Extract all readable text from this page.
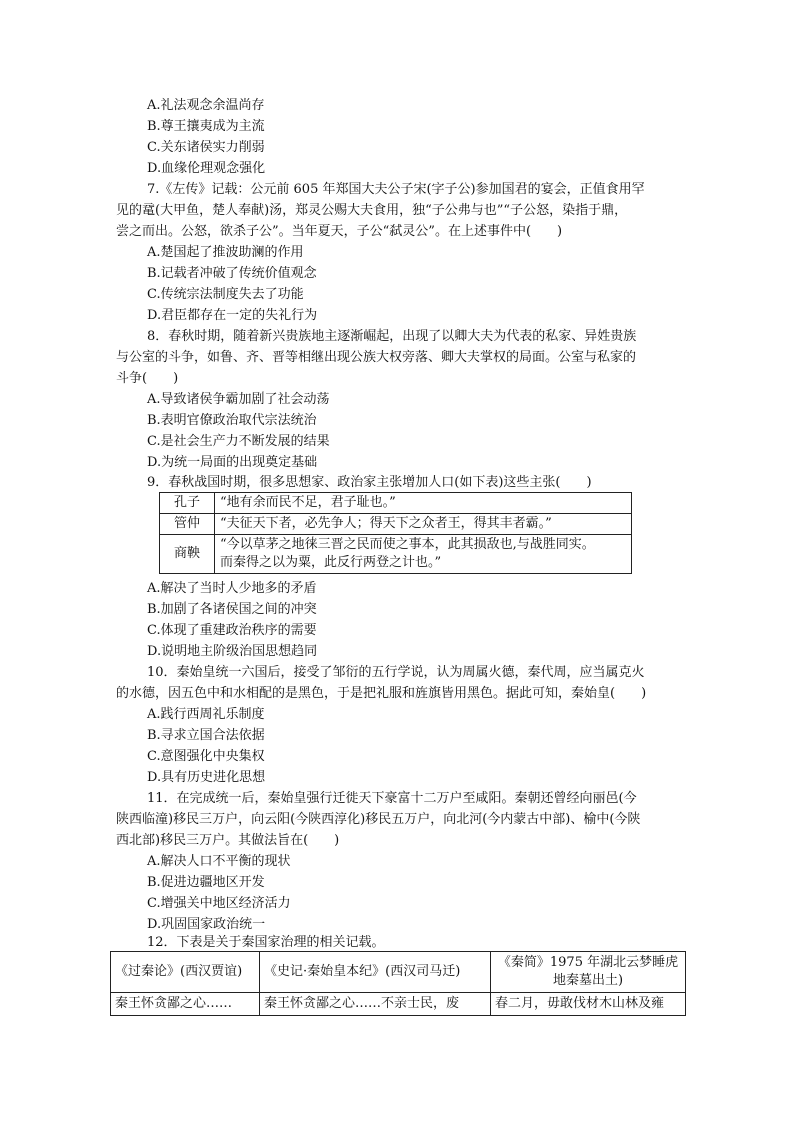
A.礼法观念余温尚存
B.尊王攘夷成为主流
C.关东诸侯实力削弱
D.血缘伦理观念强化
7.《左传》记载：公元前 605 年郑国大夫公子宋(字子公)参加国君的宴会，正值食用罕
见的鼋(大甲鱼，楚人奉献)汤，郑灵公赐大夫食用，独“子公弗与也”“子公怒，染指于鼎，
尝之而出。公怒，欲杀子公”。当年夏天，子公“弑灵公”。在上述事件中(　　)
A.楚国起了推波助澜的作用
B.记载者冲破了传统价值观念
C.传统宗法制度失去了功能
D.君臣都存在一定的失礼行为
8．春秋时期，随着新兴贵族地主逐渐崛起，出现了以卿大夫为代表的私家、异姓贵族
与公室的斗争，如鲁、齐、晋等相继出现公族大权旁落、卿大夫掌权的局面。公室与私家的
斗争(　　)
A.导致诸侯争霸加剧了社会动荡
B.表明官僚政治取代宗法统治
C.是社会生产力不断发展的结果
D.为统一局面的出现奠定基础
9．春秋战国时期，很多思想家、政治家主张增加人口(如下表)这些主张(　　)
孔子	“地有余而民不足，君子耻也。”
管仲	“夫征天下者，必先争人；得天下之众者王，得其丰者霸。”
商鞅	“今以草茅之地徕三晋之民而使之事本，此其损敌也,与战胜同实。
而秦得之以为粟，此反行两登之计也。”
A.解决了当时人少地多的矛盾
B.加剧了各诸侯国之间的冲突
C.体现了重建政治秩序的需要
D.说明地主阶级治国思想趋同
10．秦始皇统一六国后，接受了邹衍的五行学说，认为周属火德，秦代周，应当属克火
的水德，因五色中和水相配的是黑色，于是把礼服和旌旗皆用黑色。据此可知，秦始皇(　　)
A.践行西周礼乐制度
B.寻求立国合法依据
C.意图强化中央集权
D.具有历史进化思想
11．在完成统一后，秦始皇强行迁徙天下豪富十二万户至咸阳。秦朝还曾经向丽邑(今
陕西临潼)移民三万户，向云阳(今陕西淳化)移民五万户，向北河(今内蒙古中部)、榆中(今陕
西北部)移民三万户。其做法旨在(　　)
A.解决人口不平衡的现状
B.促进边疆地区开发
C.增强关中地区经济活力
D.巩固国家政治统一
12．下表是关于秦国家治理的相关记载。
《过秦论》(西汉贾谊)	《史记·秦始皇本纪》(西汉司马迁)	《秦简》1975 年湖北云梦睡虎
地秦墓出土)

秦王怀贪鄙之心……	秦王怀贪鄙之心……不亲士民，废	春二月，毋敢伐材木山林及雍
